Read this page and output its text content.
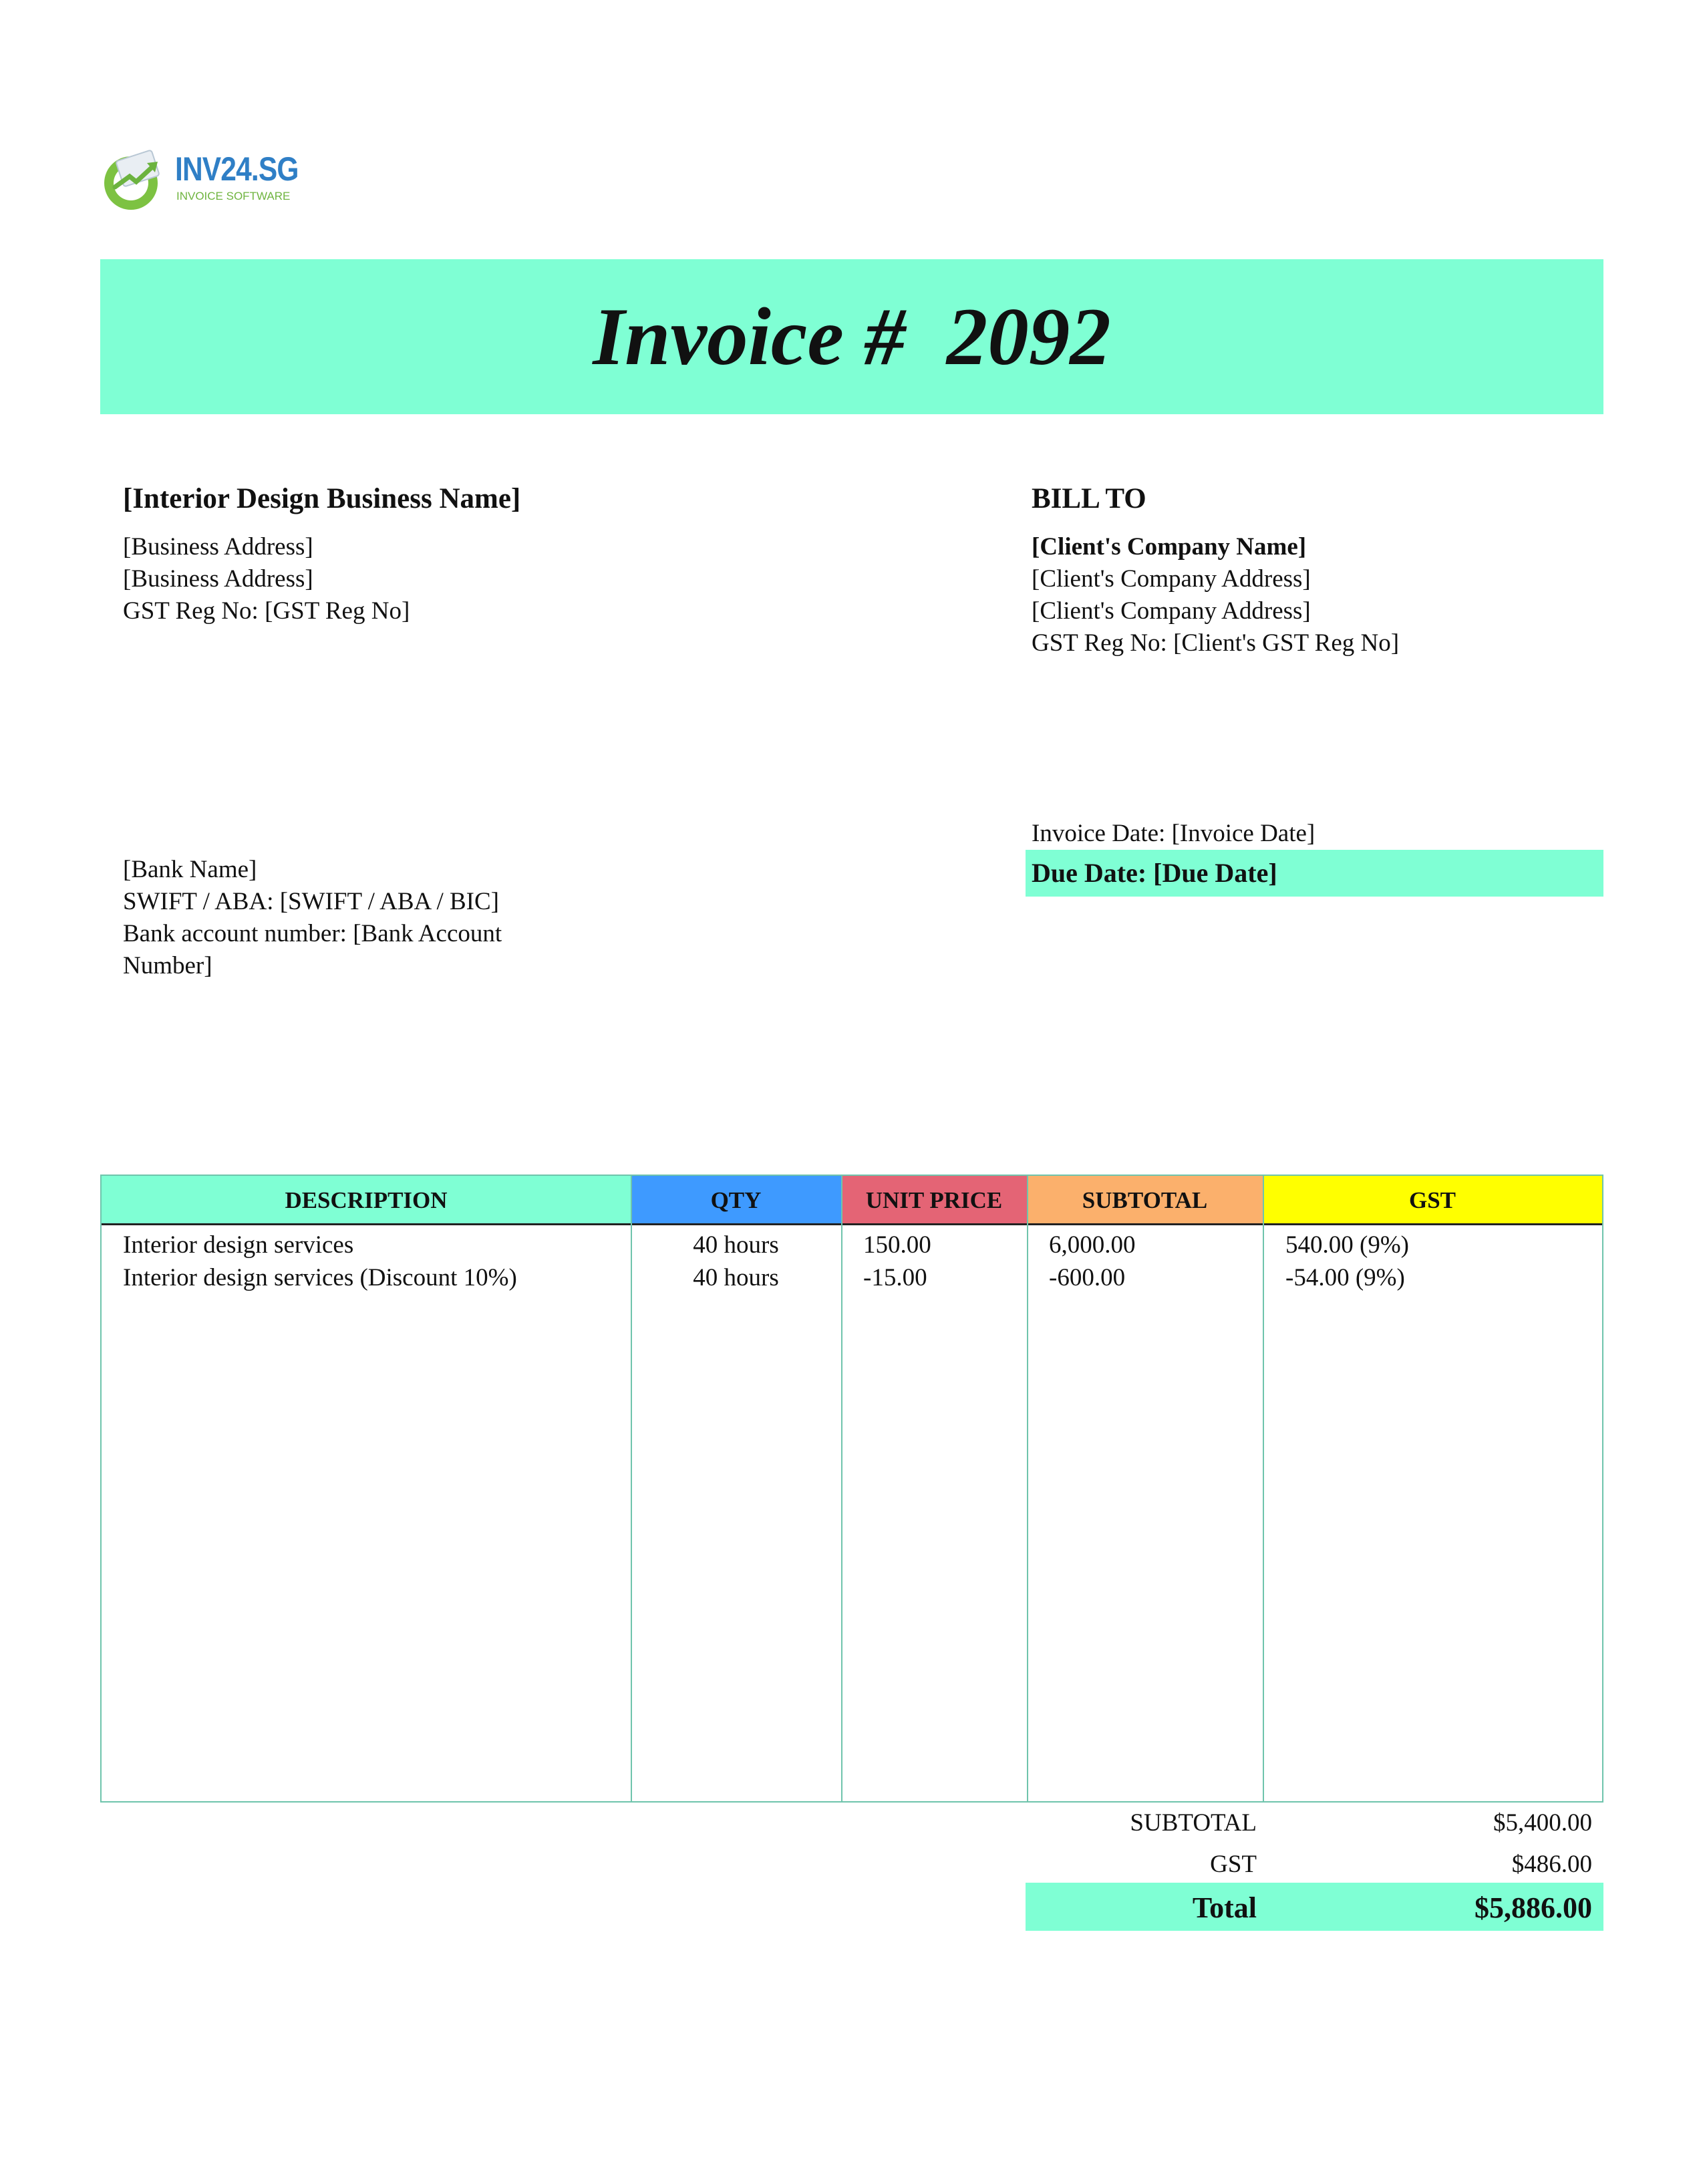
INV24.SG
INVOICE SOFTWARE
Invoice #  2092
[Interior Design Business Name]
[Business Address]
[Business Address]
GST Reg No: [GST Reg No]
[Bank Name]
SWIFT / ABA: [SWIFT / ABA / BIC]
Bank account number: [Bank Account
Number]
BILL TO
[Client's Company Name]
[Client's Company Address]
[Client's Company Address]
GST Reg No: [Client's GST Reg No]
Invoice Date: [Invoice Date]
Due Date: [Due Date]
DESCRIPTION	QTY	UNIT PRICE	SUBTOTAL	GST
Interior design services	40 hours	150.00	6,000.00	540.00 (9%)
Interior design services (Discount 10%)	40 hours	-15.00	-600.00	-54.00 (9%)
SUBTOTAL	$5,400.00
GST	$486.00
Total	$5,886.00
